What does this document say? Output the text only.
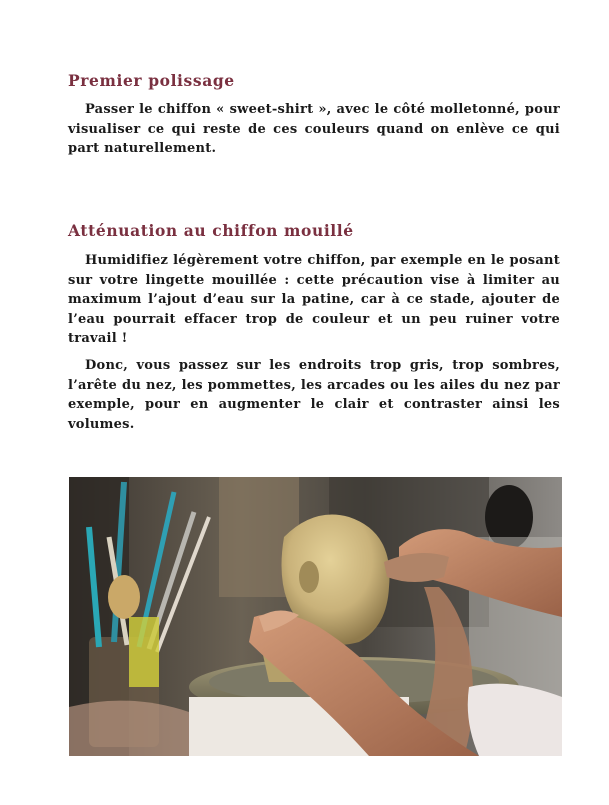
Premier polissage

Passer le chiffon « sweet-shirt », avec le côté molletonné, pour visualiser ce qui reste de ces couleurs quand on enlève ce qui part naturellement.

Atténuation au chiffon mouillé

Humidifiez légèrement votre chiffon, par exemple en le posant sur votre lingette mouillée : cette précaution vise à limiter au maximum l’ajout d’eau sur la patine, car à ce stade, ajouter de l’eau pourrait effacer trop de couleur et un peu ruiner votre travail !

Donc, vous passez sur les endroits trop gris, trop sombres, l’arête du nez, les pommettes, les arcades ou les ailes du nez par exemple, pour en augmenter le clair et contraster ainsi les volumes.
